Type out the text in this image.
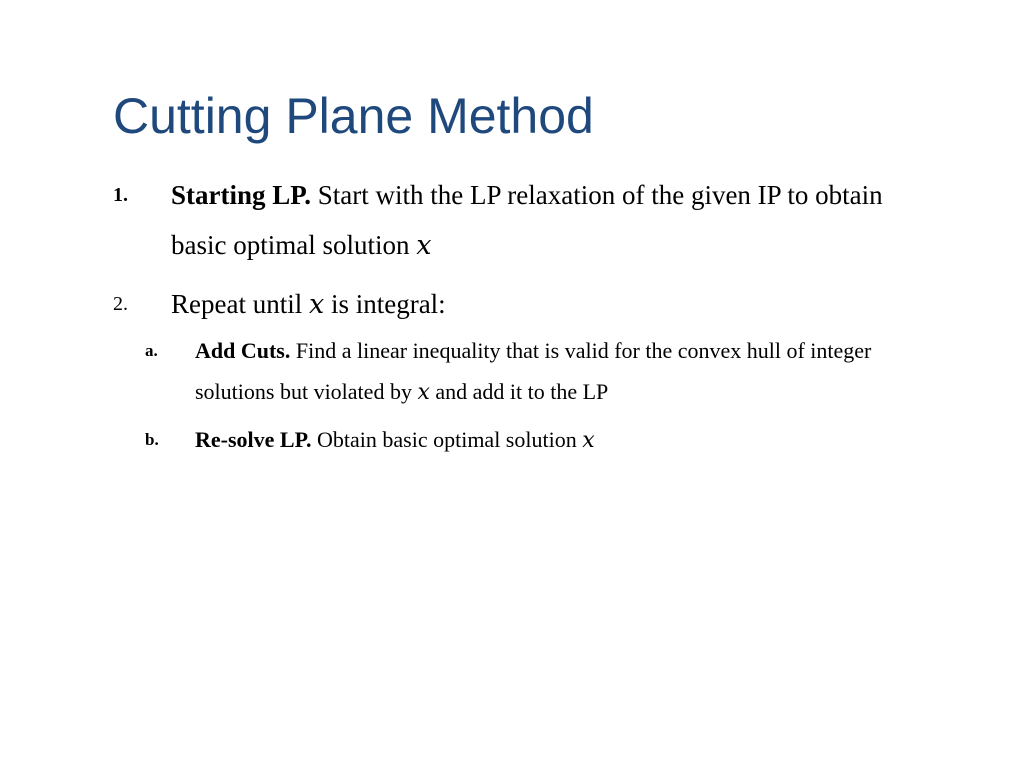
Cutting Plane Method
1.	Starting LP. Start with the LP relaxation of the given IP to obtain basic optimal solution x
2.	Repeat until x is integral:
a. Add Cuts. Find a linear inequality that is valid for the convex hull of integer solutions but violated by x and add it to the LP
b. Re-solve LP. Obtain basic optimal solution x
